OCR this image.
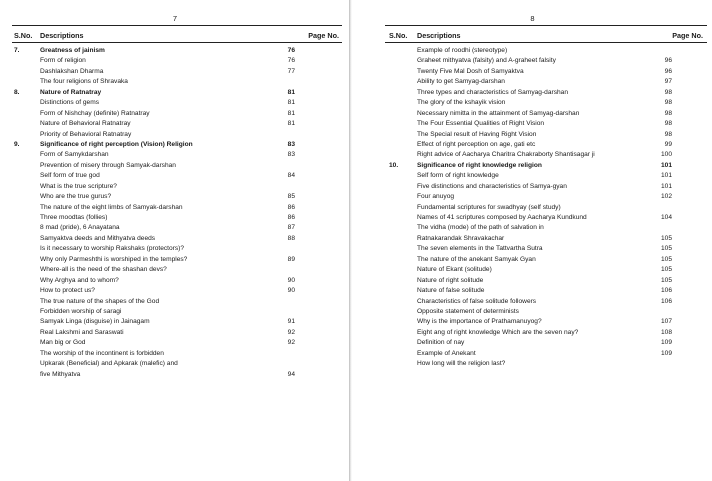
7
S.No. Descriptions	Page No.
7.	Greatness of jainism	76
Form of religion	76
Dashlakshan Dharma	77
The four religions of Shravaka
8.	Nature of Ratnatray	81
Distinctions of gems	81
Form of Nishchay (definite) Ratnatray	81
Nature of Behavioral Ratnatray	81
Priority of Behavioral Ratnatray
9.	Significance of right perception (Vision) Religion	83
Form of Samykdarshan	83
Prevention of misery through Samyak-darshan
Self form of true god	84
What is the true scripture?
Who are the true gurus?	85
The nature of the eight limbs of Samyak-darshan	86
Three moodtas (follies)	86
8 mad (pride), 6 Anayatana	87
Samyaktva deeds and Mithyatva deeds	88
Is it necessary to worship Rakshaks (protectors)?
Why only Parmeshthi is worshiped in the temples?	89
Where-all is the need of the shashan devs?
Why Arghya and to whom?	90
How to protect us?	90
The true nature of the shapes of the God
Forbidden worship of saragi
Samyak Linga (disguise) in Jainagam	91
Real Lakshmi and Saraswati	92
Man big or God	92
The worship of the incontinent is forbidden
Upkarak (Beneficial) and Apkarak (malefic) and
five Mithyatva	94
8
S.No. Descriptions	Page No.
Example of roodhi (stereotype)
Graheet mithyatva (falsity) and A-graheet falsity	96
Twenty Five Mal Dosh of Samyaktva	96
Ability to get Samyag-darshan	97
Three types and characteristics of Samyag-darshan	98
The glory of the kshayik vision	98
Necessary nimitta in the attainment of Samyag-darshan	98
The Four Essential Qualities of Right Vision	98
The Special result of Having Right Vision	98
Effect of right perception on age, gati etc	99
Right advice of Aacharya Charitra Chakraborty Shantisagar ji	100
10.	Significance of right knowledge religion	101
Self form of right knowledge	101
Five distinctions and characteristics of Samya-gyan	101
Four anuyog	102
Fundamental scriptures for swadhyay (self study)
Names of 41 scriptures composed by Aacharya Kundkund	104
The vidha (mode) of the path of salvation in
Ratnakarandak Shravakachar	105
The seven elements in the Tattvartha Sutra	105
The nature of the anekant Samyak Gyan	105
Nature of Ekant (solitude)	105
Nature of right solitude	105
Nature of false solitude	106
Characteristics of false solitude followers	106
Opposite statement of determinists
Why is the importance of Prathamanuyog?	107
Eight ang of right knowledge Which are the seven nay?	108
Definition of nay	109
Example of Anekant	109
How long will the religion last?
